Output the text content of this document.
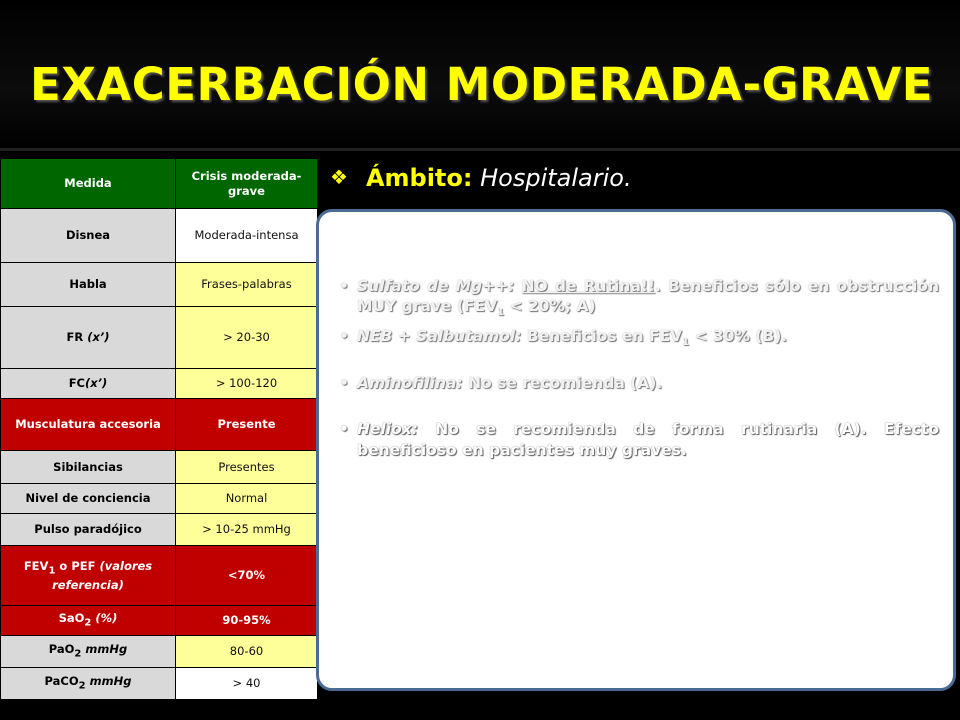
EXACERBACIÓN MODERADA-GRAVE
Medida	Crisis moderada-grave
Disnea	Moderada-intensa
Habla	Frases-palabras
FR (x’)	> 20-30
FC(x’)	> 100-120
Musculatura accesoria	Presente
Sibilancias	Presentes
Nivel de conciencia	Normal
Pulso paradójico	> 10-25 mmHg
$FEV_1$ o PEF (valores referencia)	<70%
SaO$_2$ (%)	90-95%
PaO$_2$ mmHg	80-60
PaCO$_2$ mmHg	> 40
❖ Ámbito: Hospitalario.
• Sulfato de Mg++: NO de Rutina!!. Beneficios sólo en obstrucción MUY grave ($FEV_1 < 20\%$; A)
• NEB + Salbutamol: Beneficios en $FEV_1 < 30\%$ (B).
• Aminofilina: No se recomienda (A).
• Heliox: No se recomienda de forma rutinaria (A). Efecto beneficioso en pacientes muy graves.
